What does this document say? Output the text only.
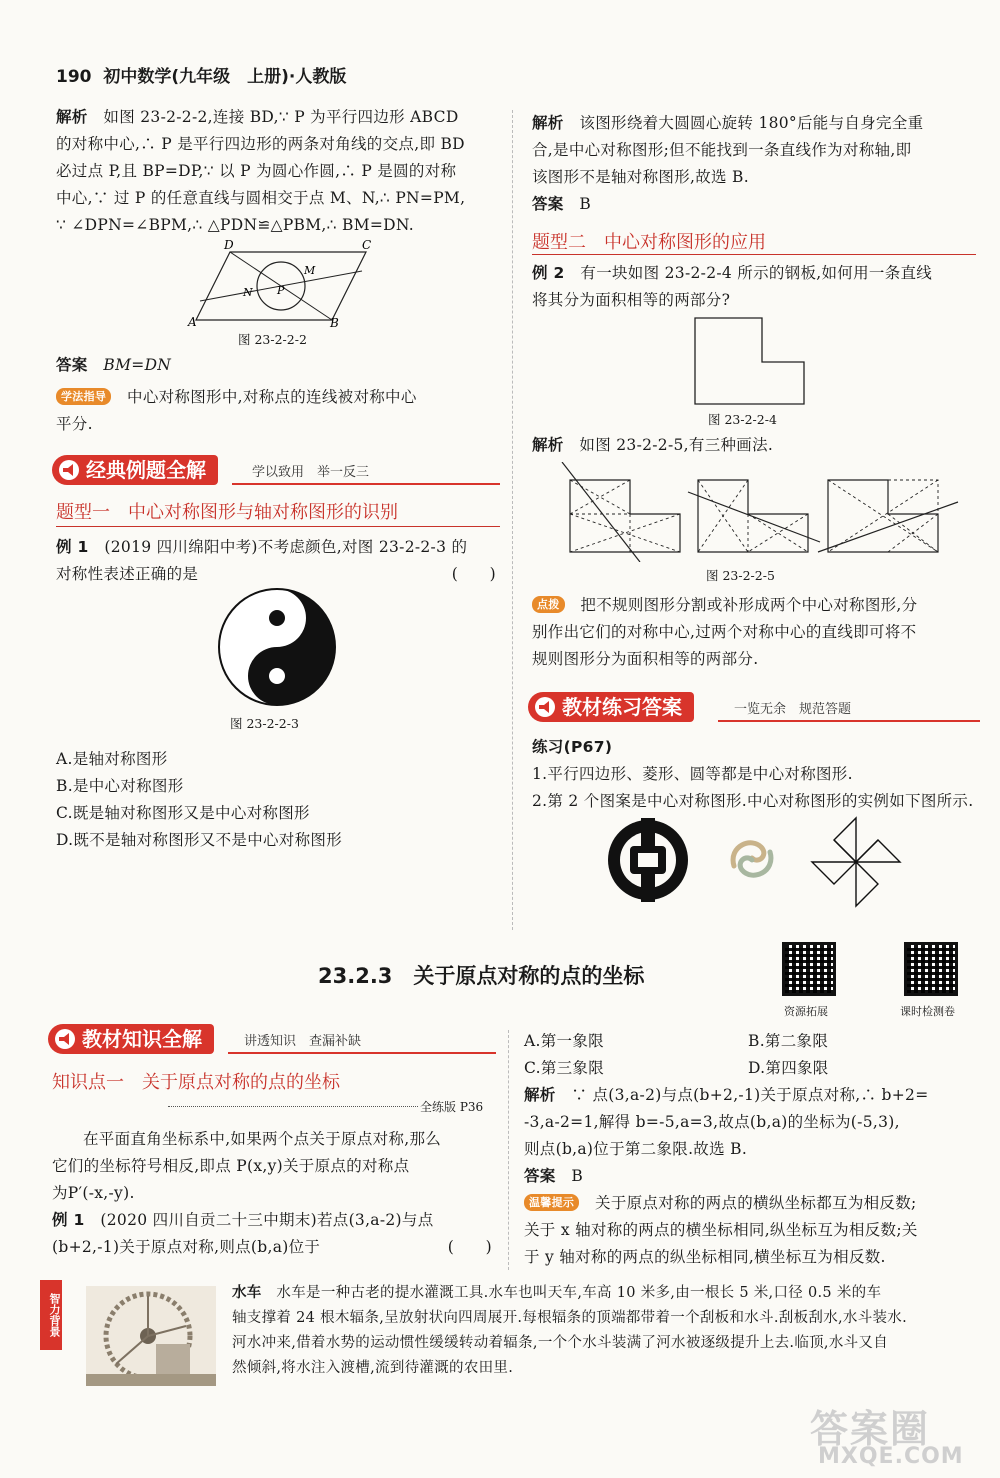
190 初中数学(九年级　上册)·人教版
解析　 如图 23-2-2-2,连接 BD,∵ P 为平行四边形 ABCD
的对称中心,∴ P 是平行四边形的两条对角线的交点,即 BD
必过点 P,且 BP=DP,∵ 以 P 为圆心作圆,∴ P 是圆的对称
中心,∵ 过 P 的任意直线与圆相交于点 M、N,∴ PN=PM,
∵ ∠DPN=∠BPM,∴ △PDN≌△PBM,∴ BM=DN.
D	C
M
N P
A	B
图 23-2-2-2
答案　 BM=DN
学法指导　 中心对称图形中,对称点的连线被对称中心
平分.
经典例题全解	学以致用　举一反三
题型一　中心对称图形与轴对称图形的识别
例 1　 (2019 四川绵阳中考)不考虑颜色,对图 23-2-2-3 的
对称性表述正确的是	(　　)
图 23-2-2-3
A.是轴对称图形
B.是中心对称图形
C.既是轴对称图形又是中心对称图形
D.既不是轴对称图形又不是中心对称图形
解析　 该图形绕着大圆圆心旋转 180°后能与自身完全重
合,是中心对称图形;但不能找到一条直线作为对称轴,即
该图形不是轴对称图形,故选 B.
答案　 B
题型二　中心对称图形的应用
例 2　 有一块如图 23-2-2-4 所示的钢板,如何用一条直线
将其分为面积相等的两部分?
图 23-2-2-4
解析　 如图 23-2-2-5,有三种画法.
图 23-2-2-5
点拨　 把不规则图形分割或补形成两个中心对称图形,分
别作出它们的对称中心,过两个对称中心的直线即可将不
规则图形分为面积相等的两部分.
教材练习答案	一览无余　规范答题
练习(P67)
1.平行四边形、菱形、圆等都是中心对称图形.
2.第 2 个图案是中心对称图形.中心对称图形的实例如下图所示.
23.2.3　 关于原点对称的点的坐标
资源拓展	课时检测卷
教材知识全解	讲透知识　查漏补缺
知识点一　关于原点对称的点的坐标
全练版 P36
在平面直角坐标系中,如果两个点关于原点对称,那么
它们的坐标符号相反,即点 P(x,y)关于原点的对称点
为P′(-x,-y).
例 1　 (2020 四川自贡二十三中期末)若点(3,a-2)与点
(b+2,-1)关于原点对称,则点(b,a)位于	(　　)
A.第一象限	B.第二象限
C.第三象限	D.第四象限
解析　 ∵ 点(3,a-2)与点(b+2,-1)关于原点对称,∴ b+2=
-3,a-2=1,解得 b=-5,a=3,故点(b,a)的坐标为(-5,3),
则点(b,a)位于第二象限.故选 B.
答案　 B
温馨提示　 关于原点对称的两点的横纵坐标都互为相反数;
关于 x 轴对称的两点的横坐标相同,纵坐标互为相反数;关
于 y 轴对称的两点的纵坐标相同,横坐标互为相反数.
智力背景
水车　 水车是一种古老的提水灌溉工具.水车也叫天车,车高 10 米多,由一根长 5 米,口径 0.5 米的车
轴支撑着 24 根木辐条,呈放射状向四周展开.每根辐条的顶端都带着一个刮板和水斗.刮板刮水,水斗装水.
河水冲来,借着水势的运动惯性缓缓转动着辐条,一个个水斗装满了河水被逐级提升上去.临顶,水斗又自
然倾斜,将水注入渡槽,流到待灌溉的农田里.
答案圈
MXQE.COM
